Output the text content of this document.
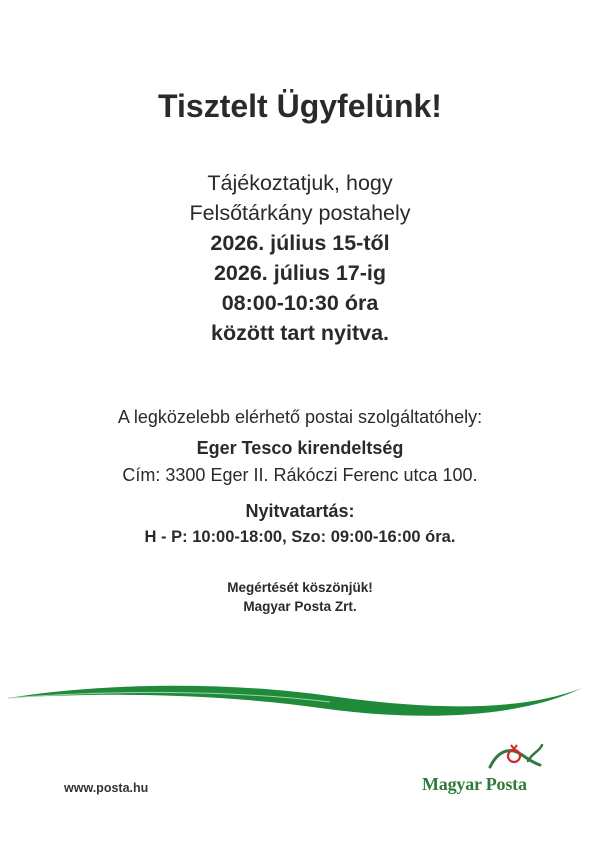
Tisztelt Ügyfelünk!
Tájékoztatjuk, hogy
Felsőtárkány postahely
2026. július 15-től
2026. július 17-ig
08:00-10:30 óra
között tart nyitva.
A legközelebb elérhető postai szolgáltatóhely:
Eger Tesco kirendeltség
Cím: 3300 Eger II. Rákóczi Ferenc utca 100.
Nyitvatartás:
H - P: 10:00-18:00, Szo: 09:00-16:00 óra.
Megértését köszönjük!
Magyar Posta Zrt.
www.posta.hu	Magyar Posta
